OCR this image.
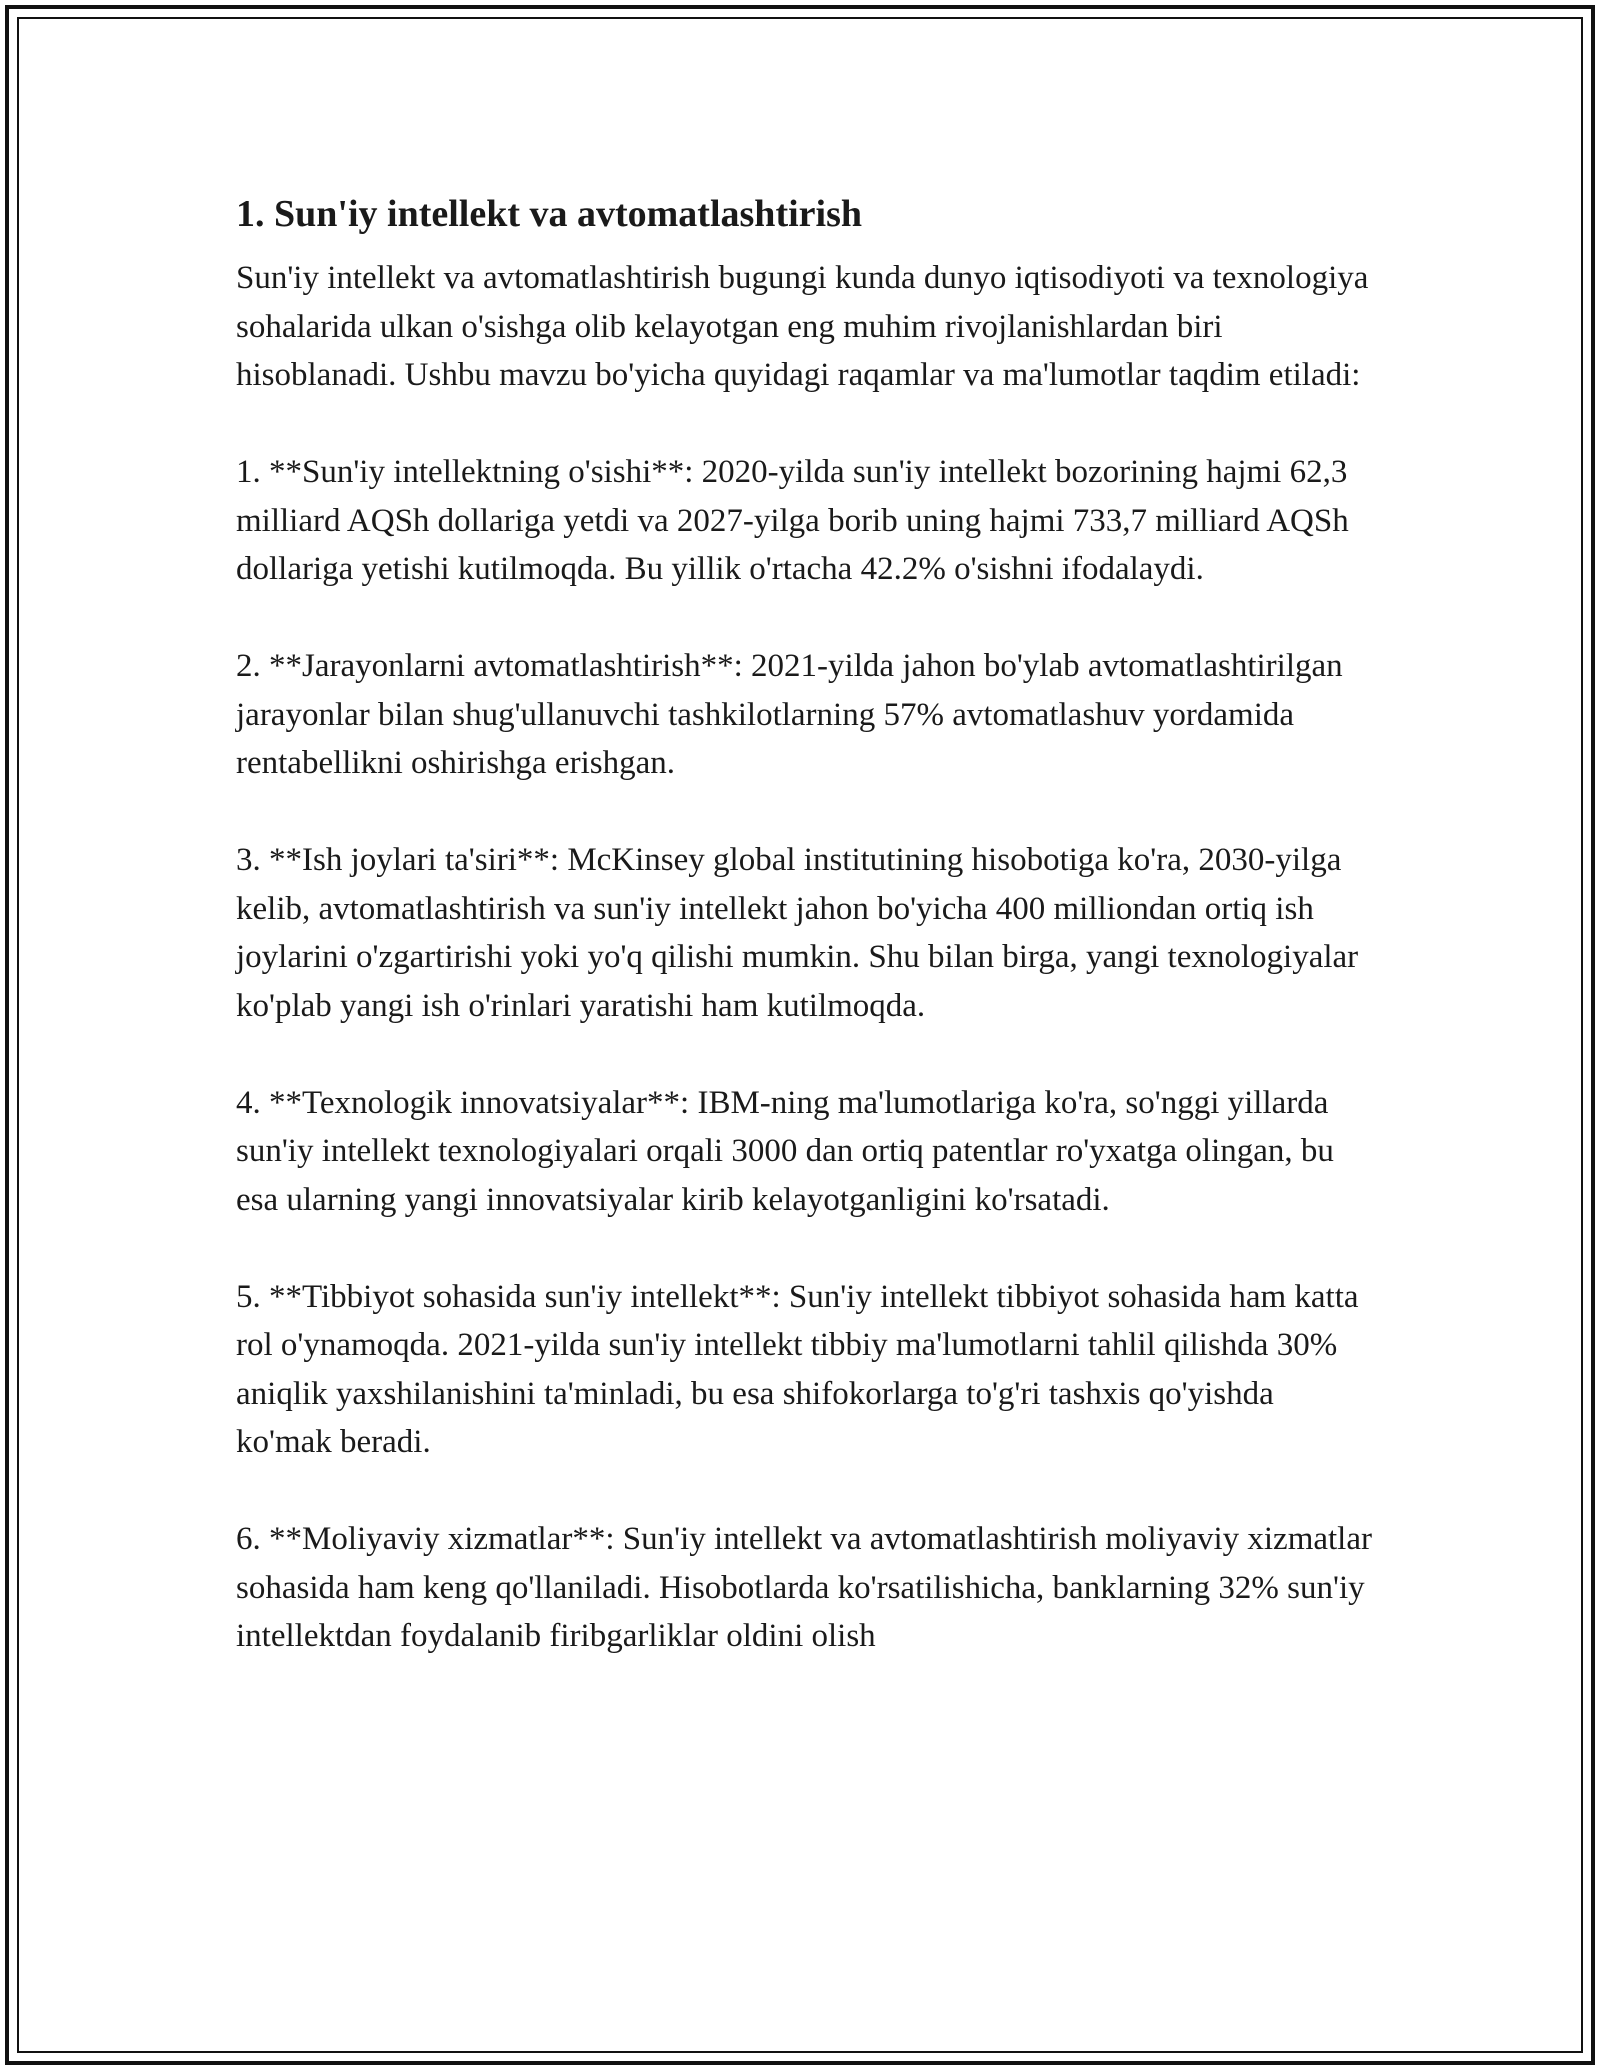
1. Sun'iy intellekt va avtomatlashtirish
Sun'iy intellekt va avtomatlashtirish bugungi kunda dunyo iqtisodiyoti va texnologiya sohalarida ulkan o'sishga olib kelayotgan eng muhim rivojlanishlardan biri hisoblanadi. Ushbu mavzu bo'yicha quyidagi raqamlar va ma'lumotlar taqdim etiladi:
1. **Sun'iy intellektning o'sishi**: 2020-yilda sun'iy intellekt bozorining hajmi 62,3 milliard AQSh dollariga yetdi va 2027-yilga borib uning hajmi 733,7 milliard AQSh dollariga yetishi kutilmoqda. Bu yillik o'rtacha 42.2% o'sishni ifodalaydi.
2. **Jarayonlarni avtomatlashtirish**: 2021-yilda jahon bo'ylab avtomatlashtirilgan jarayonlar bilan shug'ullanuvchi tashkilotlarning 57% avtomatlashuv yordamida rentabellikni oshirishga erishgan.
3. **Ish joylari ta'siri**: McKinsey global institutining hisobotiga ko'ra, 2030-yilga kelib, avtomatlashtirish va sun'iy intellekt jahon bo'yicha 400 milliondan ortiq ish joylarini o'zgartirishi yoki yo'q qilishi mumkin. Shu bilan birga, yangi texnologiyalar ko'plab yangi ish o'rinlari yaratishi ham kutilmoqda.
4. **Texnologik innovatsiyalar**: IBM-ning ma'lumotlariga ko'ra, so'nggi yillarda sun'iy intellekt texnologiyalari orqali 3000 dan ortiq patentlar ro'yxatga olingan, bu esa ularning yangi innovatsiyalar kirib kelayotganligini ko'rsatadi.
5. **Tibbiyot sohasida sun'iy intellekt**: Sun'iy intellekt tibbiyot sohasida ham katta rol o'ynamoqda. 2021-yilda sun'iy intellekt tibbiy ma'lumotlarni tahlil qilishda 30% aniqlik yaxshilanishini ta'minladi, bu esa shifokorlarga to'g'ri tashxis qo'yishda ko'mak beradi.
6. **Moliyaviy xizmatlar**: Sun'iy intellekt va avtomatlashtirish moliyaviy xizmatlar sohasida ham keng qo'llaniladi. Hisobotlarda ko'rsatilishicha, banklarning 32% sun'iy intellektdan foydalanib firibgarliklar oldini olish
